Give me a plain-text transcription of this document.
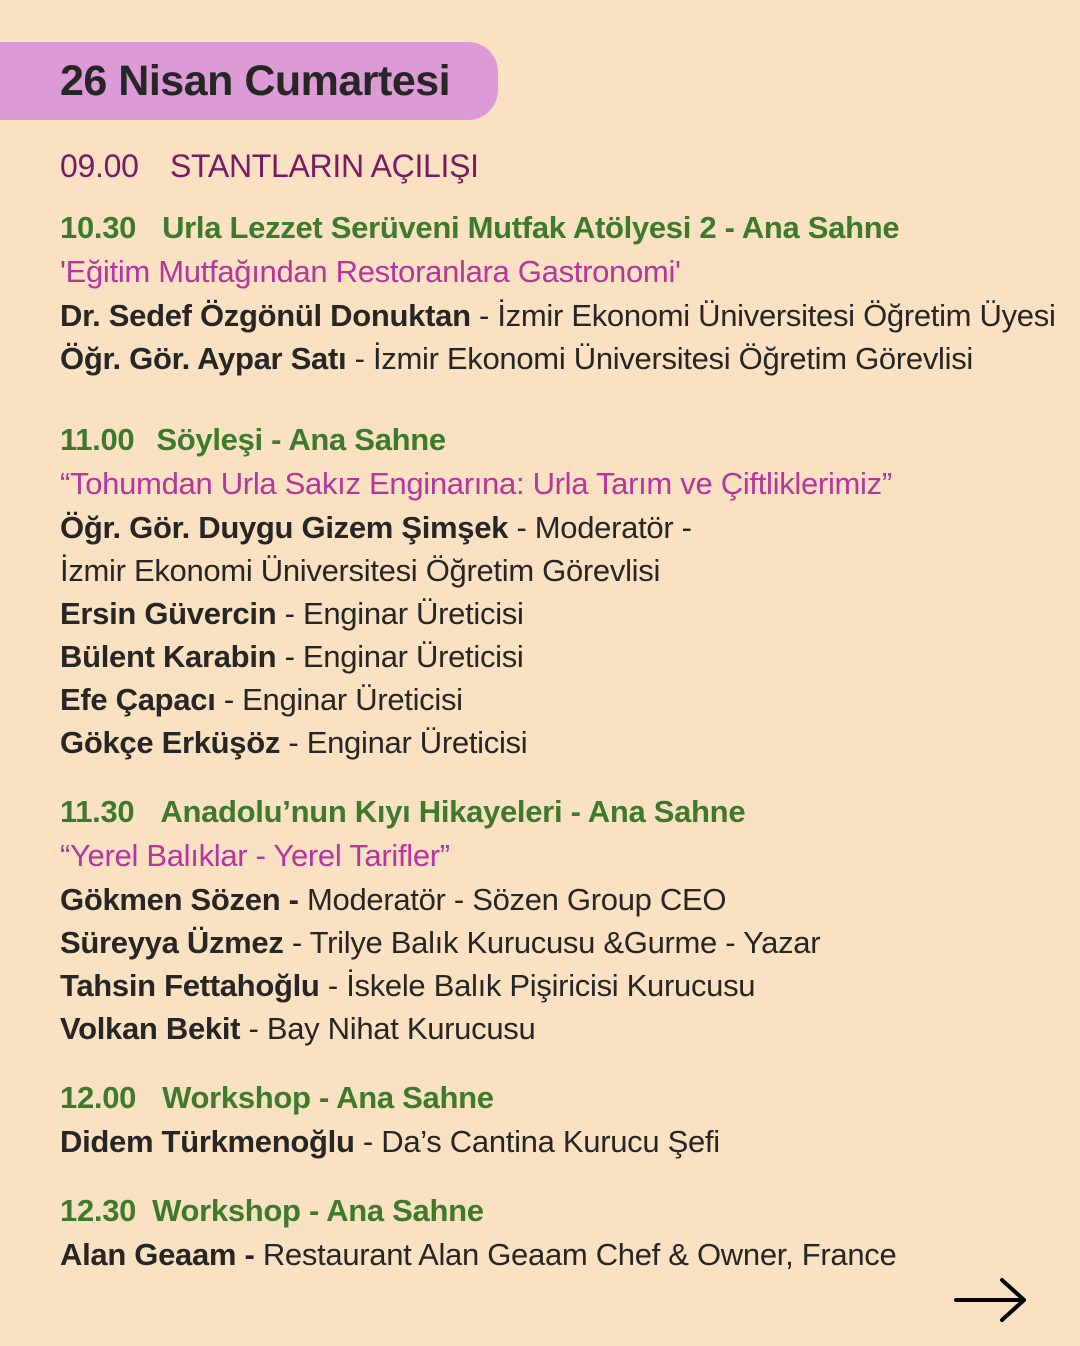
26 Nisan Cumartesi
09.00 STANTLARIN AÇILIŞI
10.30 Urla Lezzet Serüveni Mutfak Atölyesi 2 - Ana Sahne
'Eğitim Mutfağından Restoranlara Gastronomi'
Dr. Sedef Özgönül Donuktan - İzmir Ekonomi Üniversitesi Öğretim Üyesi
Öğr. Gör. Aypar Satı - İzmir Ekonomi Üniversitesi Öğretim Görevlisi
11.00 Söyleşi - Ana Sahne
“Tohumdan Urla Sakız Enginarına: Urla Tarım ve Çiftliklerimiz”
Öğr. Gör. Duygu Gizem Şimşek - Moderatör -
İzmir Ekonomi Üniversitesi Öğretim Görevlisi
Ersin Güvercin - Enginar Üreticisi
Bülent Karabin - Enginar Üreticisi
Efe Çapacı - Enginar Üreticisi
Gökçe Erküşöz - Enginar Üreticisi
11.30 Anadolu’nun Kıyı Hikayeleri - Ana Sahne
“Yerel Balıklar - Yerel Tarifler”
Gökmen Sözen - Moderatör - Sözen Group CEO
Süreyya Üzmez - Trilye Balık Kurucusu &Gurme - Yazar
Tahsin Fettahoğlu - İskele Balık Pişiricisi Kurucusu
Volkan Bekit - Bay Nihat Kurucusu
12.00 Workshop - Ana Sahne
Didem Türkmenoğlu - Da’s Cantina Kurucu Şefi
12.30 Workshop - Ana Sahne
Alan Geaam - Restaurant Alan Geaam Chef & Owner, France
